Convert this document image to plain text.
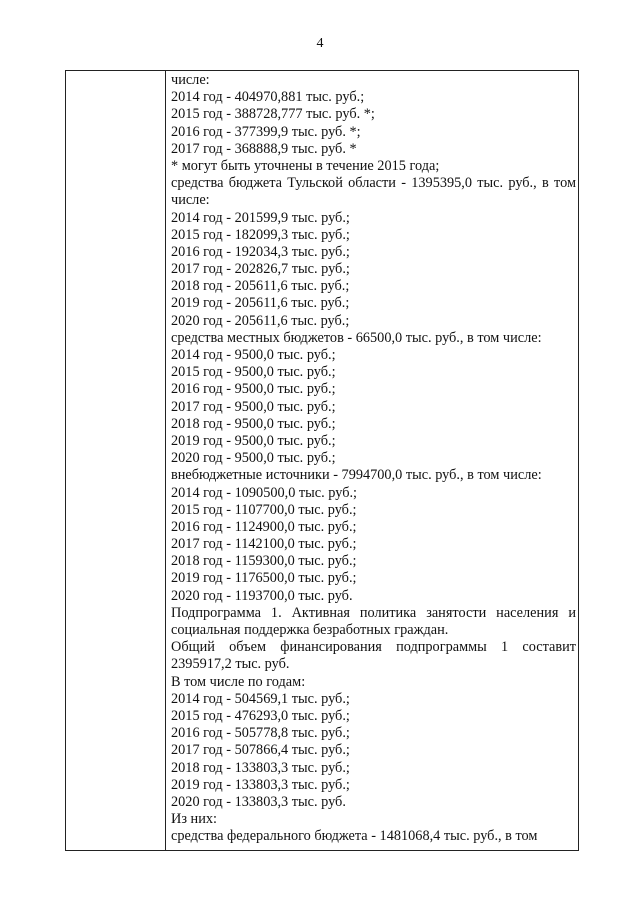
4
числе:
2014 год - 404970,881 тыс. руб.;
2015 год - 388728,777 тыс. руб. *;
2016 год - 377399,9 тыс. руб. *;
2017 год - 368888,9 тыс. руб. *
* могут быть уточнены в течение 2015 года;
средства бюджета Тульской области - 1395395,0 тыс. руб., в том числе:
2014 год - 201599,9 тыс. руб.;
2015 год - 182099,3 тыс. руб.;
2016 год - 192034,3 тыс. руб.;
2017 год - 202826,7 тыс. руб.;
2018 год - 205611,6 тыс. руб.;
2019 год - 205611,6 тыс. руб.;
2020 год - 205611,6 тыс. руб.;
средства местных бюджетов - 66500,0 тыс. руб., в том числе:
2014 год - 9500,0 тыс. руб.;
2015 год - 9500,0 тыс. руб.;
2016 год - 9500,0 тыс. руб.;
2017 год - 9500,0 тыс. руб.;
2018 год - 9500,0 тыс. руб.;
2019 год - 9500,0 тыс. руб.;
2020 год - 9500,0 тыс. руб.;
внебюджетные источники - 7994700,0 тыс. руб., в том числе:
2014 год - 1090500,0 тыс. руб.;
2015 год - 1107700,0 тыс. руб.;
2016 год - 1124900,0 тыс. руб.;
2017 год - 1142100,0 тыс. руб.;
2018 год - 1159300,0 тыс. руб.;
2019 год - 1176500,0 тыс. руб.;
2020 год - 1193700,0 тыс. руб.
Подпрограмма 1. Активная политика занятости населения и социальная поддержка безработных граждан.
Общий объем финансирования подпрограммы 1 составит 2395917,2 тыс. руб.
В том числе по годам:
2014 год - 504569,1 тыс. руб.;
2015 год - 476293,0 тыс. руб.;
2016 год - 505778,8 тыс. руб.;
2017 год - 507866,4 тыс. руб.;
2018 год - 133803,3 тыс. руб.;
2019 год - 133803,3 тыс. руб.;
2020 год - 133803,3 тыс. руб.
Из них:
средства федерального бюджета - 1481068,4 тыс. руб., в том
